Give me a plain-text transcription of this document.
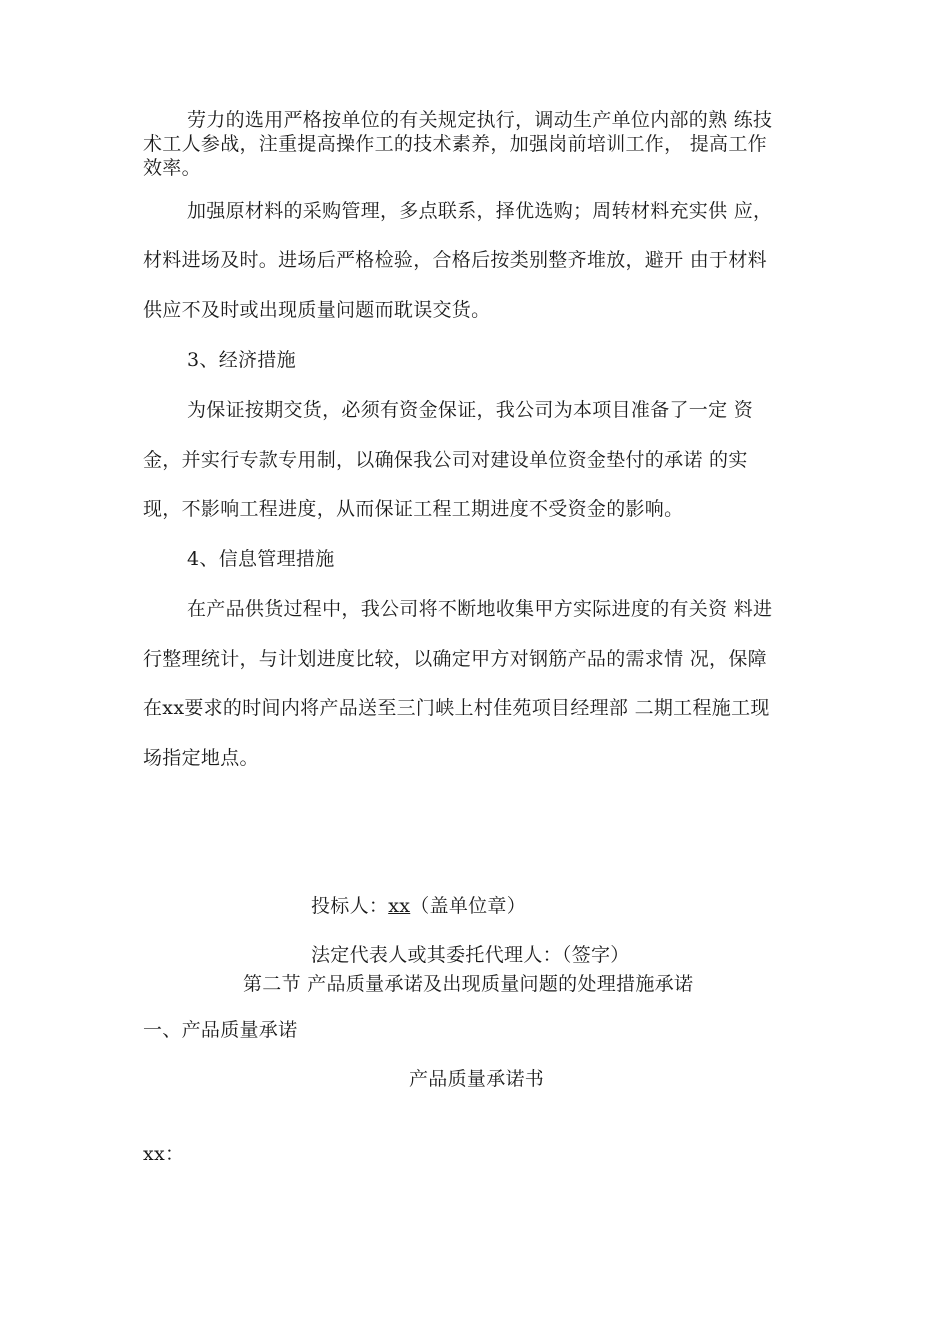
劳力的选用严格按单位的有关规定执行，调动生产单位内部的熟 练技
术工人参战，注重提高操作工的技术素养，加强岗前培训工作， 提高工作
效率。
加强原材料的采购管理，多点联系，择优选购；周转材料充实供 应，
材料进场及时。进场后严格检验，合格后按类别整齐堆放，避开 由于材料
供应不及时或出现质量问题而耽误交货。
3、经济措施
为保证按期交货，必须有资金保证，我公司为本项目准备了一定 资
金，并实行专款专用制，以确保我公司对建设单位资金垫付的承诺 的实
现，不影响工程进度，从而保证工程工期进度不受资金的影响。
4、信息管理措施
在产品供货过程中，我公司将不断地收集甲方实际进度的有关资 料进
行整理统计，与计划进度比较，以确定甲方对钢筋产品的需求情 况，保障
在xx要求的时间内将产品送至三门峡上村佳苑项目经理部 二期工程施工现
场指定地点。
投标人：xx（盖单位章）
法定代表人或其委托代理人：（签字）
第二节 产品质量承诺及出现质量问题的处理措施承诺
一、产品质量承诺
产品质量承诺书
xx：
